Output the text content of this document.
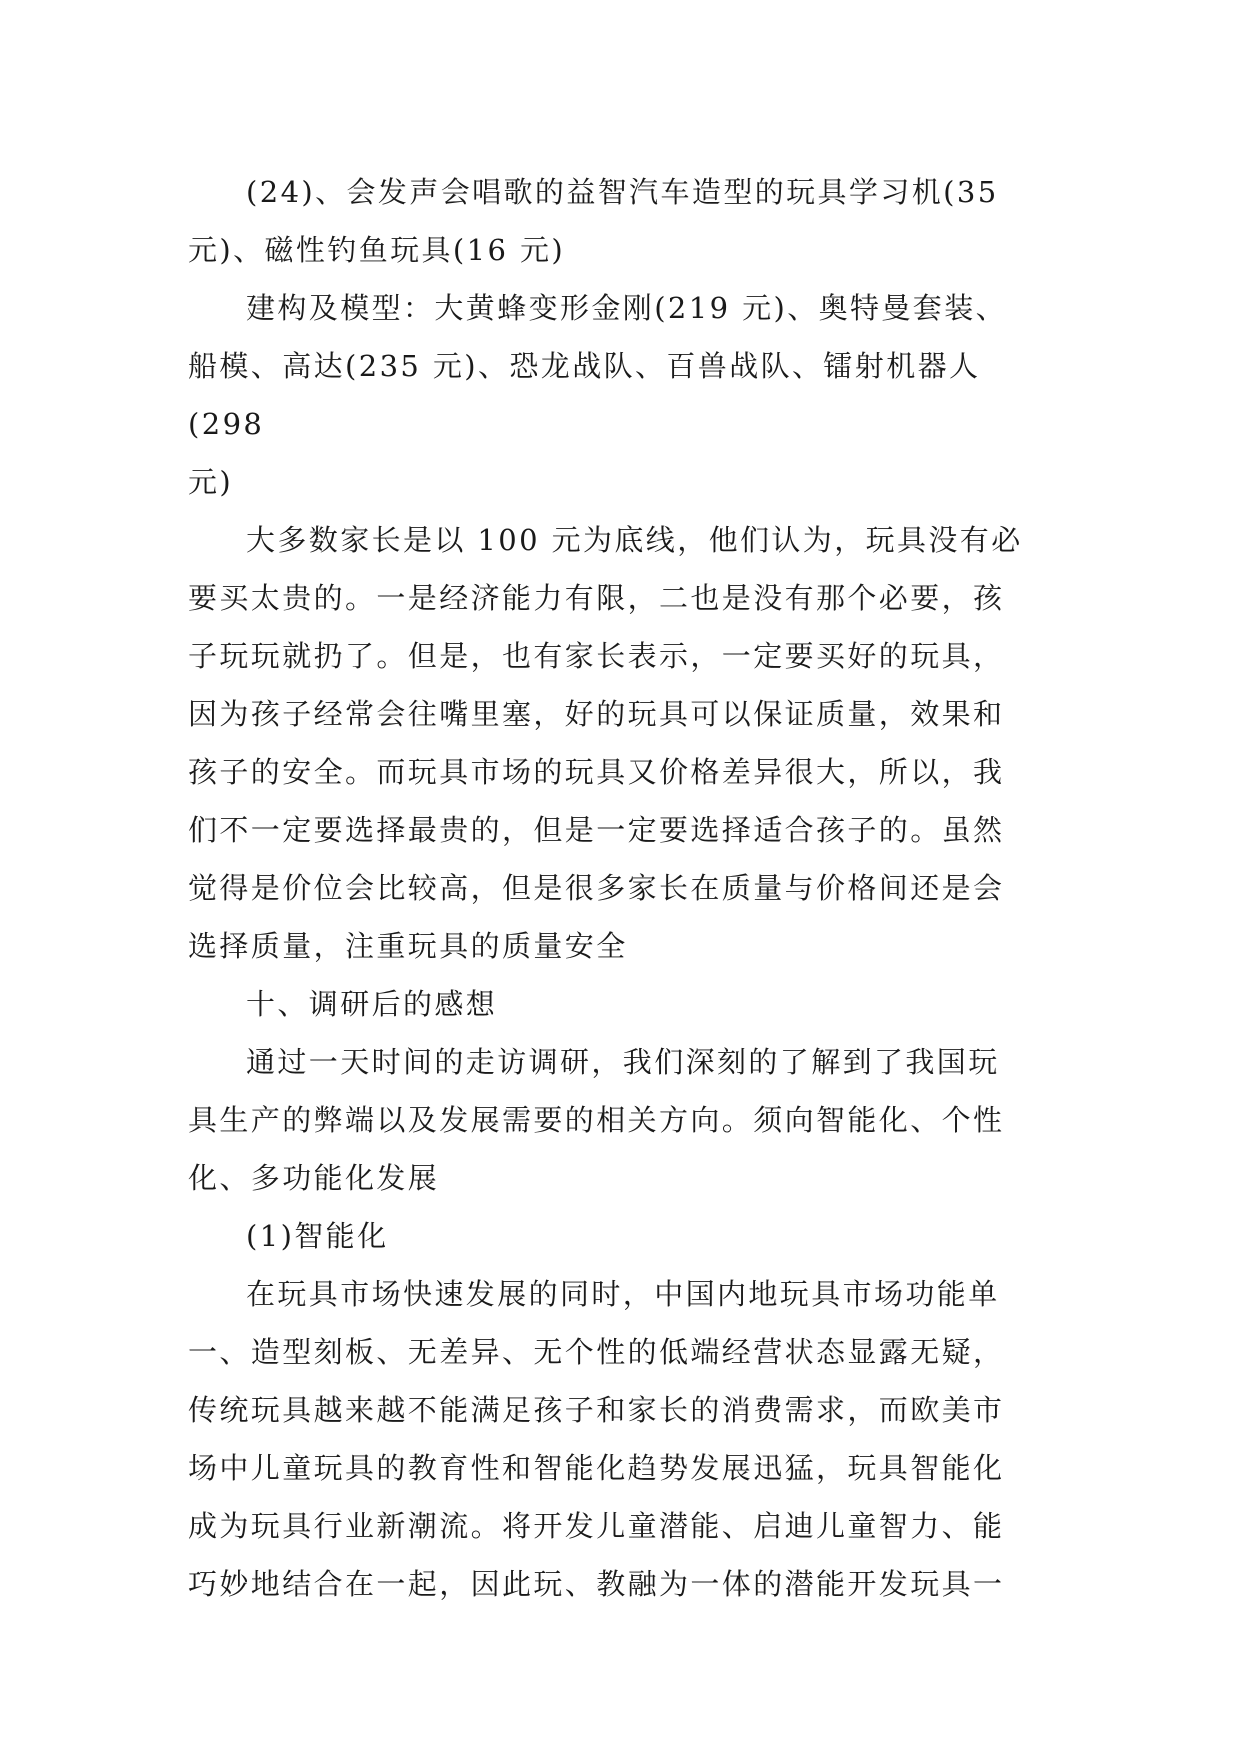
(24)、会发声会唱歌的益智汽车造型的玩具学习机(35
元)、磁性钓鱼玩具(16 元)

建构及模型：大黄蜂变形金刚(219 元)、奥特曼套装、
船模、高达(235 元)、恐龙战队、百兽战队、镭射机器人(298
元)

大多数家长是以 100 元为底线，他们认为，玩具没有必
要买太贵的。一是经济能力有限，二也是没有那个必要，孩
子玩玩就扔了。但是，也有家长表示，一定要买好的玩具，
因为孩子经常会往嘴里塞，好的玩具可以保证质量，效果和
孩子的安全。而玩具市场的玩具又价格差异很大，所以，我
们不一定要选择最贵的，但是一定要选择适合孩子的。虽然
觉得是价位会比较高，但是很多家长在质量与价格间还是会
选择质量，注重玩具的质量安全

十、调研后的感想

通过一天时间的走访调研，我们深刻的了解到了我国玩
具生产的弊端以及发展需要的相关方向。须向智能化、个性
化、多功能化发展

(1)智能化

在玩具市场快速发展的同时，中国内地玩具市场功能单
一、造型刻板、无差异、无个性的低端经营状态显露无疑，
传统玩具越来越不能满足孩子和家长的消费需求，而欧美市
场中儿童玩具的教育性和智能化趋势发展迅猛，玩具智能化
成为玩具行业新潮流。将开发儿童潜能、启迪儿童智力、能
巧妙地结合在一起，因此玩、教融为一体的潜能开发玩具一
